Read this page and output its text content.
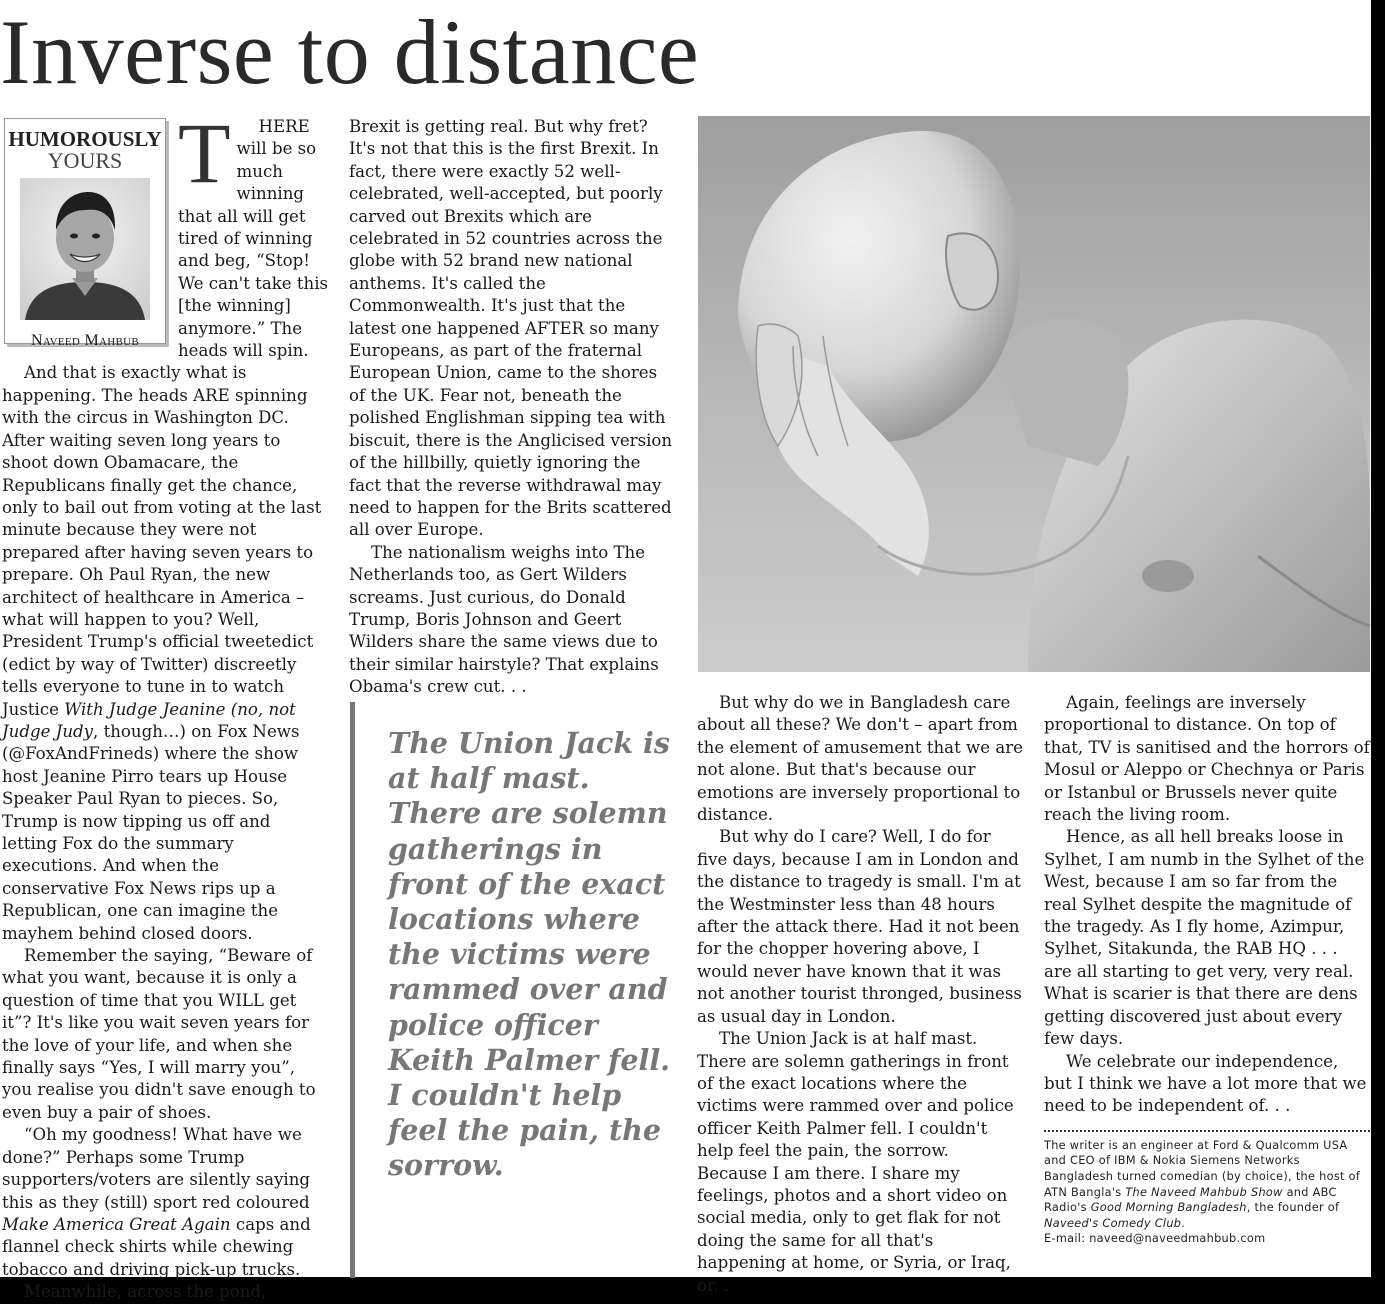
Inverse to distance
HUMOROUSLY
YOURS
Naveed Mahbub
T	HERE will be so much winning that all will get tired of winning and beg, “Stop! We can't take this [the winning] anymore.” The heads will spin.

And that is exactly what is happening. The heads ARE spinning with the circus in Washington DC. After waiting seven long years to shoot down Obamacare, the Republicans finally get the chance, only to bail out from voting at the last minute because they were not prepared after having seven years to prepare. Oh Paul Ryan, the new architect of healthcare in America – what will happen to you? Well, President Trump's official tweetedict (edict by way of Twitter) discreetly tells everyone to tune in to watch Justice With Judge Jeanine (no, not Judge Judy, though…) on Fox News (@FoxAndFrineds) where the show host Jeanine Pirro tears up House Speaker Paul Ryan to pieces. So, Trump is now tipping us off and letting Fox do the summary executions. And when the conservative Fox News rips up a Republican, one can imagine the mayhem behind closed doors.

Remember the saying, “Beware of what you want, because it is only a question of time that you WILL get it”? It's like you wait seven years for the love of your life, and when she finally says “Yes, I will marry you”, you realise you didn't save enough to even buy a pair of shoes.

“Oh my goodness! What have we done?” Perhaps some Trump supporters/voters are silently saying this as they (still) sport red coloured Make America Great Again caps and flannel check shirts while chewing tobacco and driving pick-up trucks.

Meanwhile, across the pond,

Brexit is getting real. But why fret? It's not that this is the first Brexit. In fact, there were exactly 52 well-celebrated, well-accepted, but poorly carved out Brexits which are celebrated in 52 countries across the globe with 52 brand new national anthems. It's called the Commonwealth. It's just that the latest one happened AFTER so many Europeans, as part of the fraternal European Union, came to the shores of the UK. Fear not, beneath the polished Englishman sipping tea with biscuit, there is the Anglicised version of the hillbilly, quietly ignoring the fact that the reverse withdrawal may need to happen for the Brits scattered all over Europe.

The nationalism weighs into The Netherlands too, as Gert Wilders screams. Just curious, do Donald Trump, Boris Johnson and Geert Wilders share the same views due to their similar hairstyle? That explains Obama's crew cut. . .

The Union Jack is at half mast. There are solemn gatherings in front of the exact locations where the victims were rammed over and police officer Keith Palmer fell. I couldn't help feel the pain, the sorrow.

But why do we in Bangladesh care about all these? We don't – apart from the element of amusement that we are not alone. But that's because our emotions are inversely proportional to distance.

But why do I care? Well, I do for five days, because I am in London and the distance to tragedy is small. I'm at the Westminster less than 48 hours after the attack there. Had it not been for the chopper hovering above, I would never have known that it was not another tourist thronged, business as usual day in London.

The Union Jack is at half mast. There are solemn gatherings in front of the exact locations where the victims were rammed over and police officer Keith Palmer fell. I couldn't help feel the pain, the sorrow. Because I am there. I share my feelings, photos and a short video on social media, only to get flak for not doing the same for all that's happening at home, or Syria, or Iraq, or. .

Again, feelings are inversely proportional to distance. On top of that, TV is sanitised and the horrors of Mosul or Aleppo or Chechnya or Paris or Istanbul or Brussels never quite reach the living room.

Hence, as all hell breaks loose in Sylhet, I am numb in the Sylhet of the West, because I am so far from the real Sylhet despite the magnitude of the tragedy. As I fly home, Azimpur, Sylhet, Sitakunda, the RAB HQ . . . are all starting to get very, very real. What is scarier is that there are dens getting discovered just about every few days.

We celebrate our independence, but I think we have a lot more that we need to be independent of. . .

The writer is an engineer at Ford & Qualcomm USA and CEO of IBM & Nokia Siemens Networks Bangladesh turned comedian (by choice), the host of ATN Bangla's The Naveed Mahbub Show and ABC Radio's Good Morning Bangladesh, the founder of Naveed's Comedy Club.
E-mail: naveed@naveedmahbub.com
